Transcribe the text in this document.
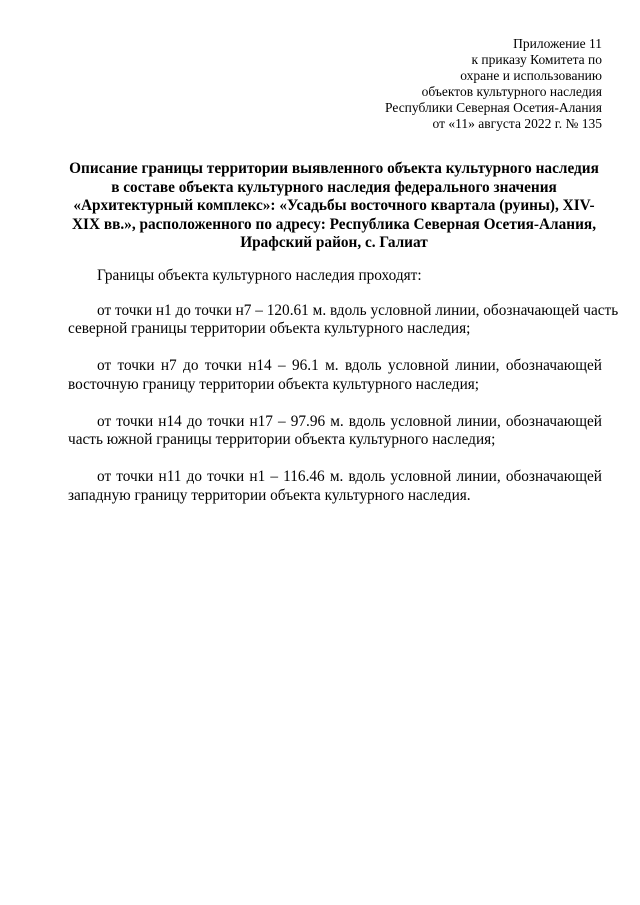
Приложение 11
к приказу Комитета по
охране и использованию
объектов культурного наследия
Республики Северная Осетия-Алания
от «11» августа 2022 г. № 135
Описание границы территории выявленного объекта культурного наследия
в составе объекта культурного наследия федерального значения
«Архитектурный комплекс»: «Усадьбы восточного квартала (руины), XIV-
XIX вв.», расположенного по адресу: Республика Северная Осетия-Алания,
Ирафский район, с. Галиат

Границы объекта культурного наследия проходят:

от точки н1 до точки н7 – 120.61 м. вдоль условной линии, обозначающей часть
северной границы территории объекта культурного наследия;
от точки н7 до точки н14 – 96.1 м. вдоль условной линии, обозначающей
восточную границу территории объекта культурного наследия;
от точки н14 до точки н17 – 97.96 м. вдоль условной линии, обозначающей
часть южной границы территории объекта культурного наследия;
от точки н11 до точки н1 – 116.46 м. вдоль условной линии, обозначающей
западную границу территории объекта культурного наследия.
